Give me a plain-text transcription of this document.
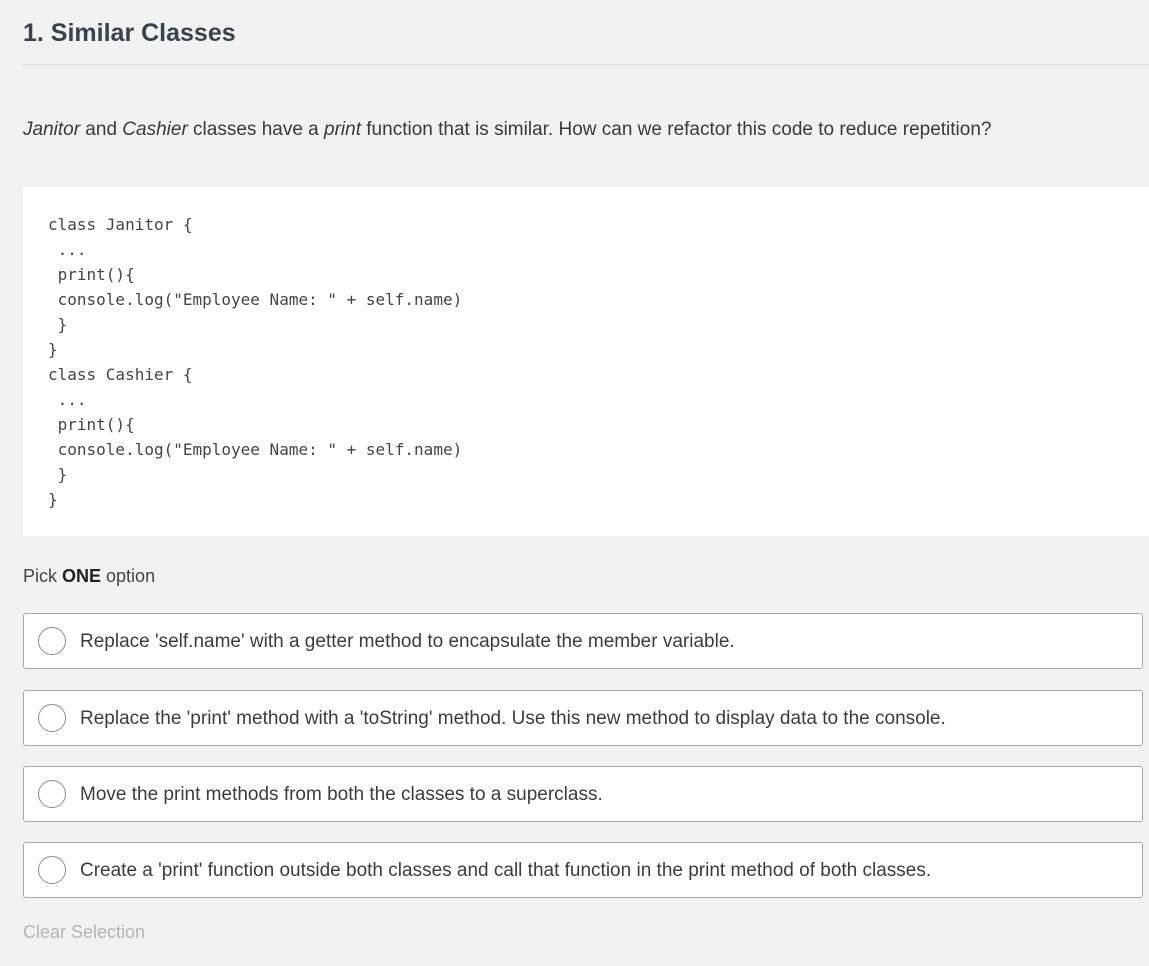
1. Similar Classes
Janitor and Cashier classes have a print function that is similar. How can we refactor this code to reduce repetition?
class Janitor {
...
print(){
console.log("Employee Name: " + self.name)
}
}
class Cashier {
...
print(){
console.log("Employee Name: " + self.name)
}
}
Pick ONE option
Replace 'self.name' with a getter method to encapsulate the member variable.
Replace the 'print' method with a 'toString' method. Use this new method to display data to the console.
Move the print methods from both the classes to a superclass.
Create a 'print' function outside both classes and call that function in the print method of both classes.
Clear Selection
